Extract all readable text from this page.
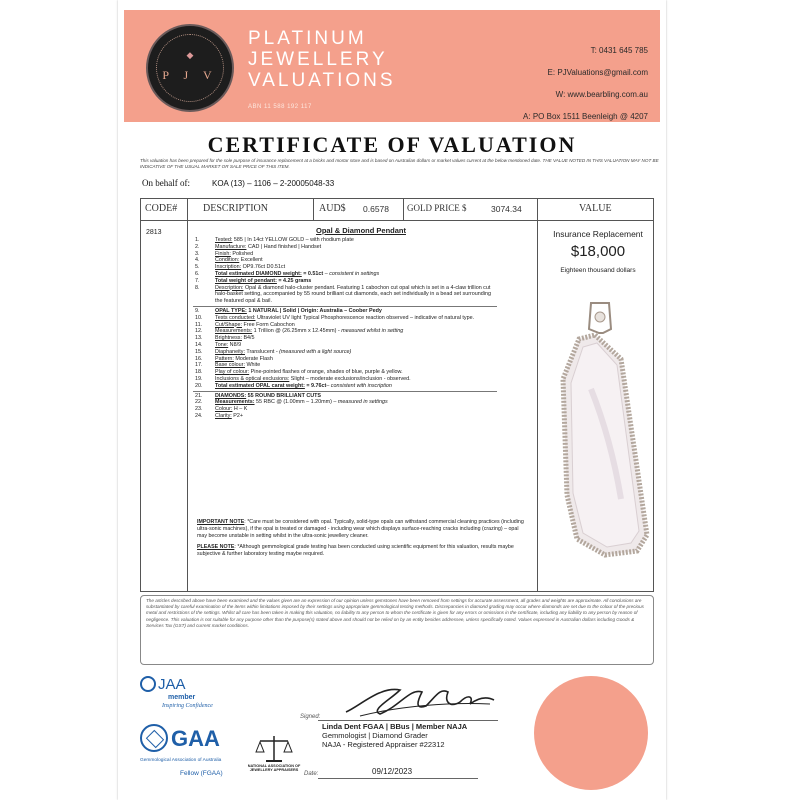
◆
P J V
PLATINUM
JEWELLERY
VALUATIONS
ABN 11 588 192 117
T: 0431 645 785
E: PJValuations@gmail.com
W: www.bearbling.com.au
A: PO Box 1511 Beenleigh @ 4207
CERTIFICATE OF VALUATION
This valuation has been prepared for the sole purpose of insurance replacement at a bricks and mortar store and is based on Australian dollars or market values current at the below mentioned date. THE VALUE NOTED IN THIS VALUATION MAY NOT BE INDICATIVE OF THE USUAL MARKET OR SALE PRICE OF THIS ITEM.
On behalf of:	KOA (13) – 1106 – 2-20005048-33
CODE#	DESCRIPTION	AUD$ 0.6578 GOLD PRICE $	3074.34	VALUE
2813	Opal & Diamond Pendant
1.	Tested: 585 | In 14ct YELLOW GOLD – with rhodium plate
2.	Manufacture: CAD | Hand finished | Handset
3.	Finish: Polished
4.	Condition: Excellent
5.	Inscription: OP9.76ct D0.51ct
6.	Total estimated DIAMOND weight: = 0.51ct – consistent in settings
7.	Total weight of pendant: = 4.25 grams
8.	Description: Opal & diamond halo-cluster pendant. Featuring 1 cabochon cut opal which is set in a 4-claw trillion cut halo-basket setting, accompanied by 55 round brilliant cut diamonds, each set individually in a bead set surrounding the featured opal & bail.
9.	OPAL TYPE: 1 NATURAL | Solid | Origin: Australia – Coober Pedy
10. Tests conducted: Ultraviolet UV light Typical Phosphorescence reaction observed – indicative of natural type.
11. Cut/Shape: Free Form Cabochon
12. Measurements: 1 Trillion @ (26.25mm x 12.45mm) - measured whilst in setting
13. Brightness: B4/5
14. Tone: N8/9
15. Diaphaneity: Translucent - (measured with a light source)
16. Pattern: Moderate Flash
17. Base colour: White
18. Play of colour: Pine-pointed flashes of orange, shades of blue, purple & yellow.
19. Inclusions & optical exclusions: Slight – moderate exclusions/inclusion - observed.
20. Total estimated OPAL carat weight: = 9.76ct– consistent with inscription
21. DIAMONDS: 55 ROUND BRILLIANT CUTS
22. Measurements: 55 RBC @ (1.00mm – 1.20mm) – measured in settings
23. Colour: H – K
24. Clarity: P2+

IMPORTANT NOTE: *Care must be considered with opal. Typically, solid-type opals can withstand commercial cleaning practices (including ultra-sonic machines), if the opal is treated or damaged - including wear which displays surface-reaching cracks including (crazing) – opal may become unstable in setting whilst in the ultra-sonic jewellery cleaner.

PLEASE NOTE: *Although gemmological grade testing has been conducted using scientific equipment for this valuation, results maybe subjective & further laboratory testing maybe required.

Insurance Replacement
$18,000
Eighteen thousand dollars
The articles described above have been examined and the values given are an expression of our opinion unless gemstones have been removed from settings for accurate assessment, all grades and weights are approximate. All conclusions are substantiated by careful examination of the items within limitations imposed by their settings using appropriate gemmological testing methods. Discrepancies in diamond grading may occur where diamonds are set due to the colour of the precious metal and restrictions of the settings. Whilst all care has been taken in making this valuation, no liability to any person to whom the certificate is given for any errors or omissions in the certificate, including any liability to any person by reason of negligence. This valuation is not suitable for any purpose other than the purpose(s) stated above and should not be relied on by an entity besides addressee, unless specifically noted. Values expressed in Australian dollars including Goods & Services Tax (GST) and current market conditions.
JAA
member
Inspiring Confidence
GAA
Gemmological Association of Australia
Fellow (FGAA)
NATIONAL ASSOCIATION OF JEWELLERY APPRAISERS
Signed:
Linda Dent FGAA | BBus | Member NAJA
Gemmologist | Diamond Grader
NAJA - Registered Appraiser #22312
Date:	09/12/2023
